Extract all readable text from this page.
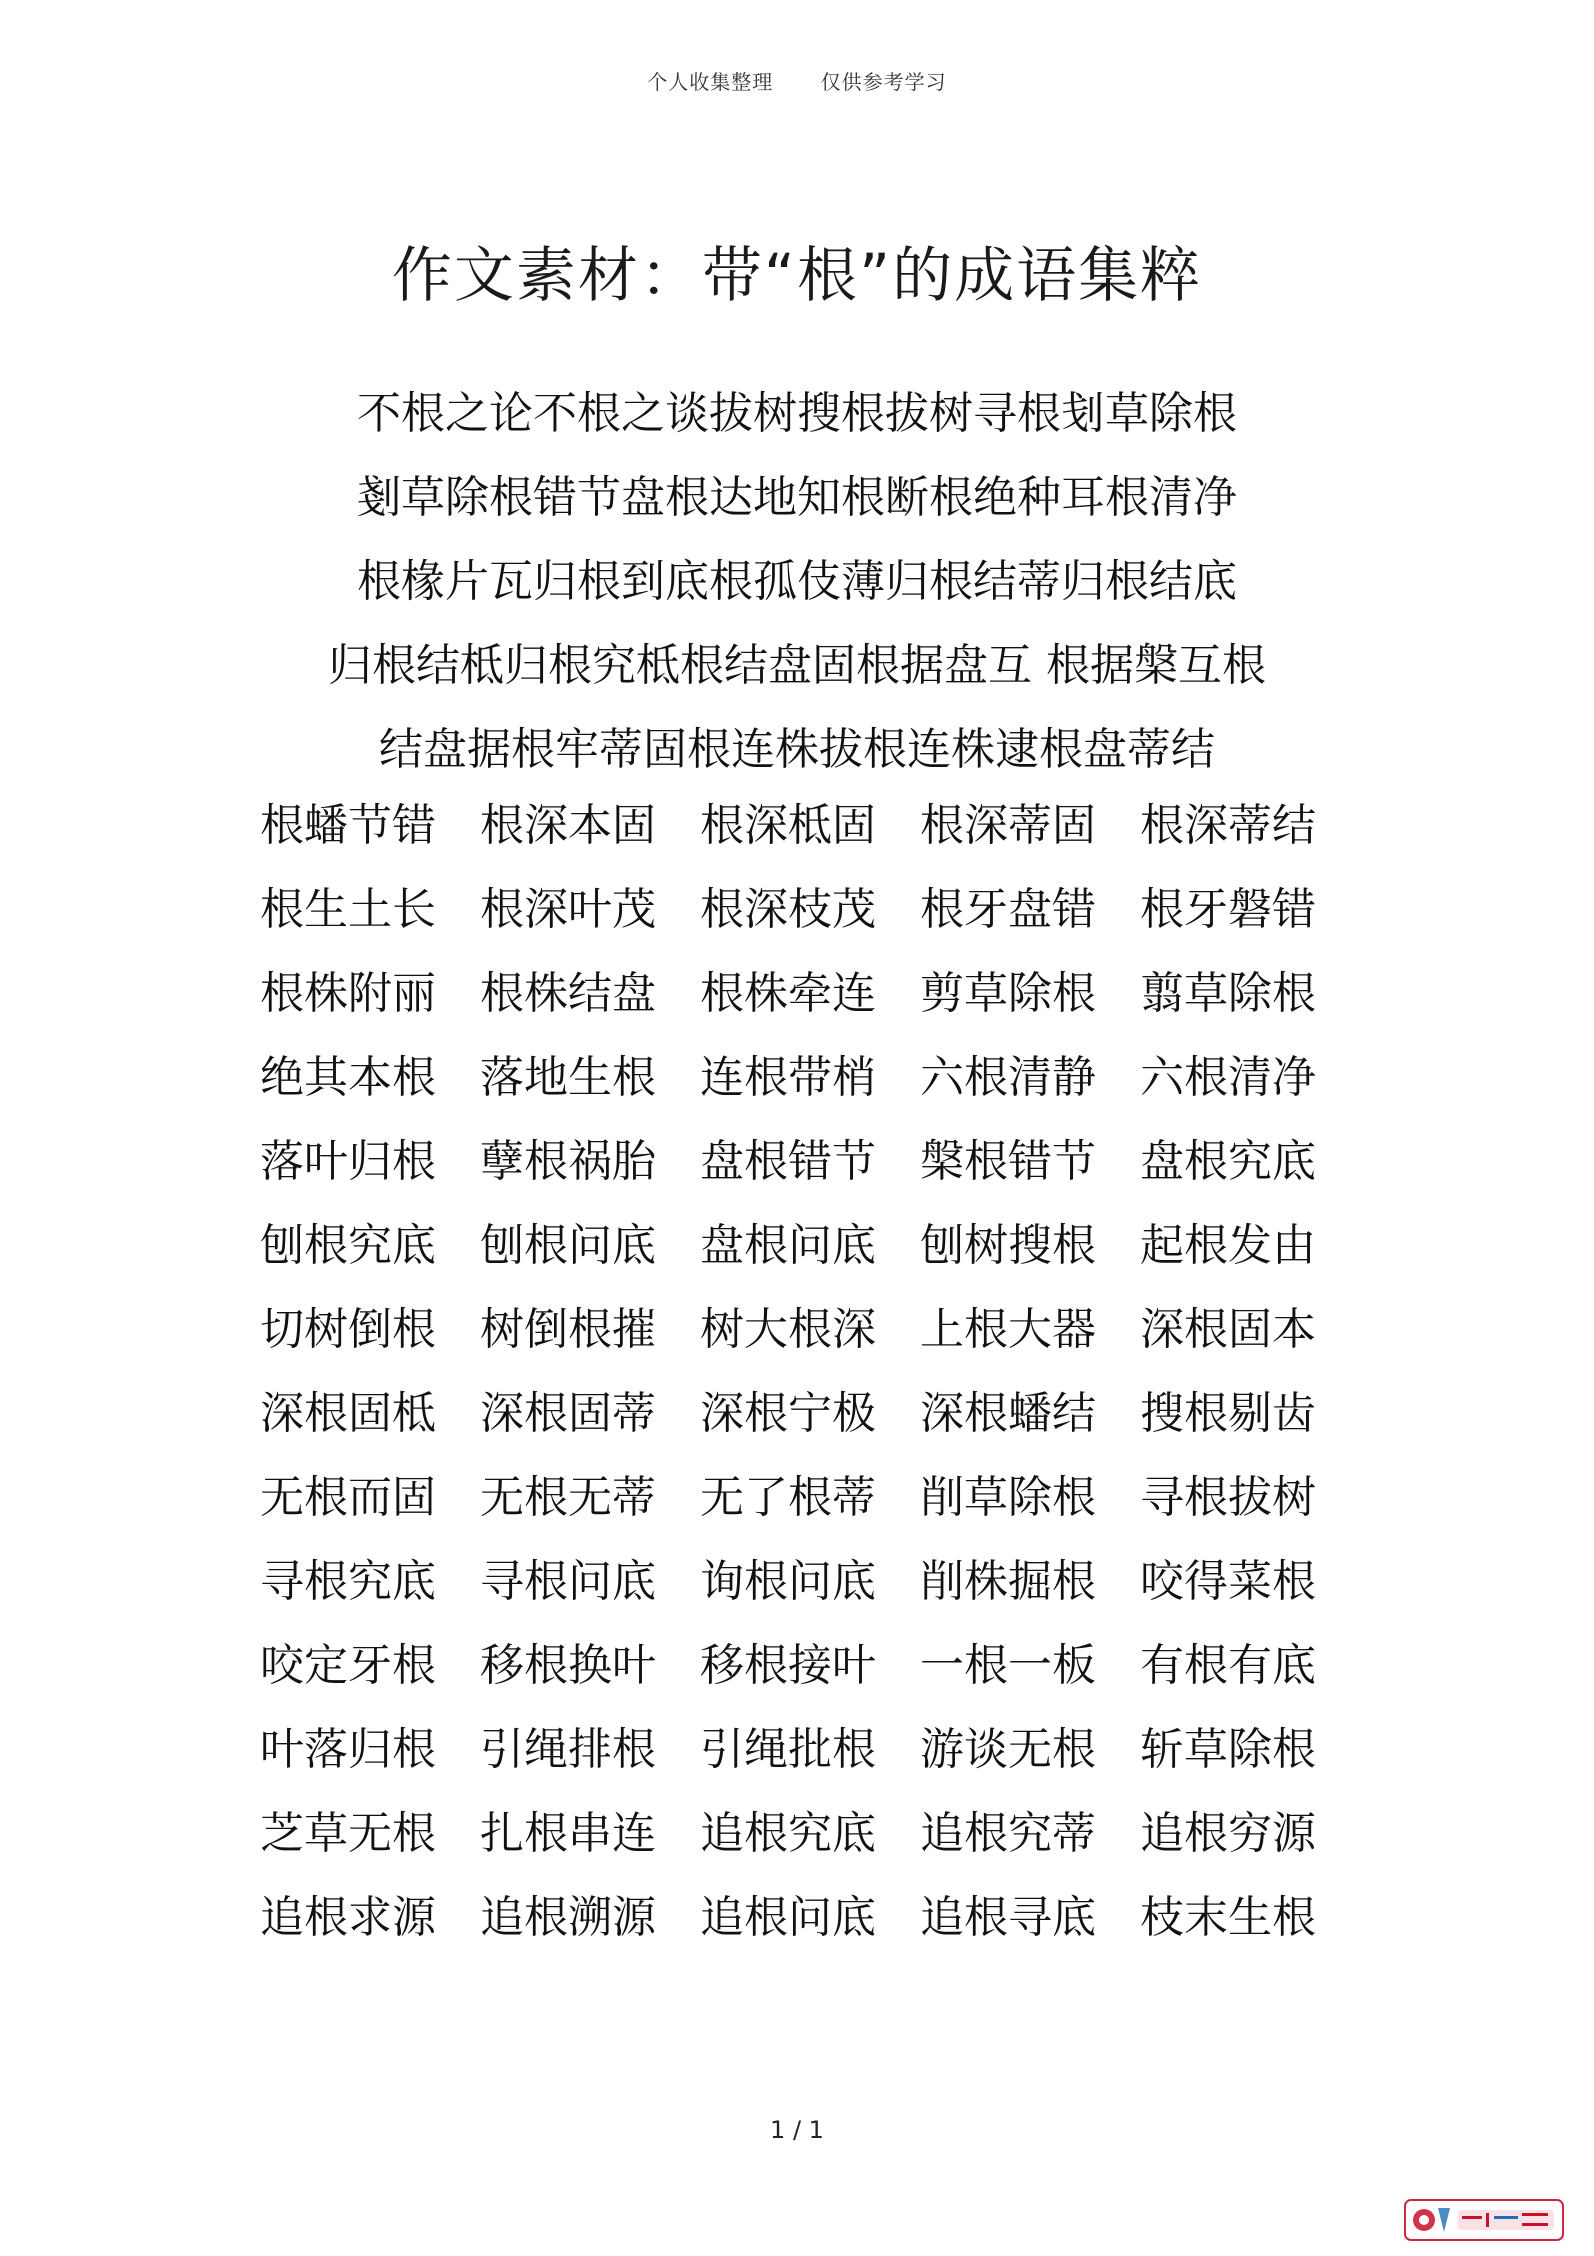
个人收集整理 仅供参考学习
作文素材：带“根”的成语集粹
不根之论不根之谈拔树搜根拔树寻根刬草除根
剗草除根错节盘根达地知根断根绝种耳根清净
根椽片瓦归根到底根孤伎薄归根结蒂归根结底
归根结柢归根究柢根结盘固根据盘互 根据槃互根
结盘据根牢蒂固根连株拔根连株逮根盘蒂结
根蟠节错	根深本固	根深柢固	根深蒂固	根深蒂结
根生土长	根深叶茂	根深枝茂	根牙盘错	根牙磐错
根株附丽	根株结盘	根株牵连	剪草除根	翦草除根
绝其本根	落地生根	连根带梢	六根清静	六根清净
落叶归根	孽根祸胎	盘根错节	槃根错节	盘根究底
刨根究底	刨根问底	盘根问底	刨树搜根	起根发由
切树倒根	树倒根摧	树大根深	上根大器	深根固本
深根固柢	深根固蒂	深根宁极	深根蟠结	搜根剔齿
无根而固	无根无蒂	无了根蒂	削草除根	寻根拔树
寻根究底	寻根问底	询根问底	削株掘根	咬得菜根
咬定牙根	移根换叶	移根接叶	一根一板	有根有底
叶落归根	引绳排根	引绳批根	游谈无根	斩草除根
芝草无根	扎根串连	追根究底	追根究蒂	追根穷源
追根求源	追根溯源	追根问底	追根寻底	枝末生根
1 / 1
